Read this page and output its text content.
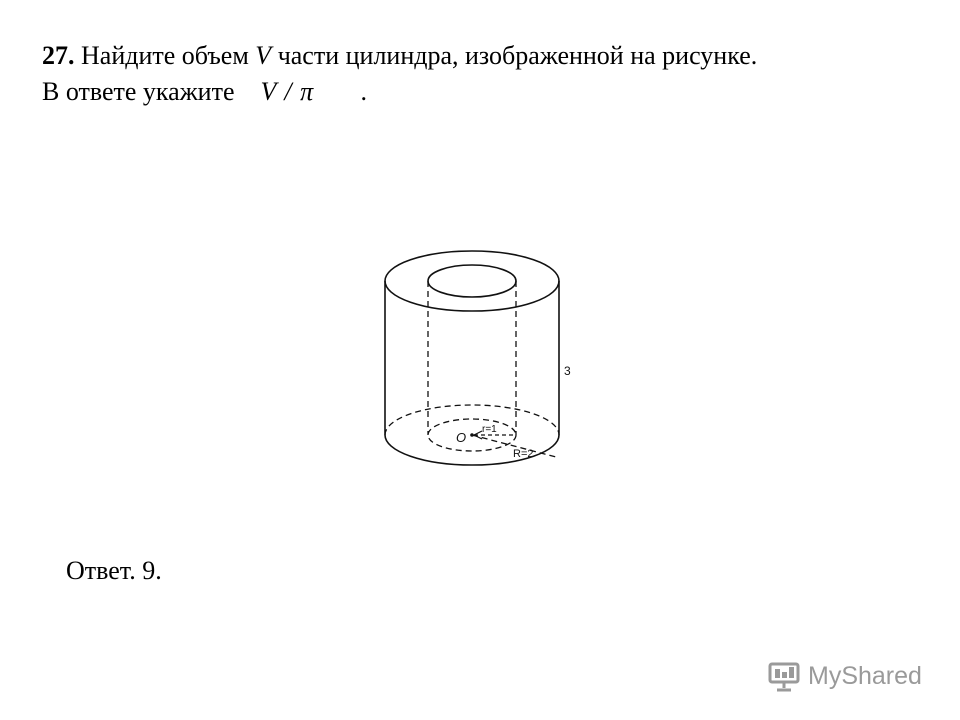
27. Найдите объем V части цилиндра, изображенной на рисунке.
В ответе укажите V / π .
O
r=1
R=2
3
Ответ. 9.
MyShared
